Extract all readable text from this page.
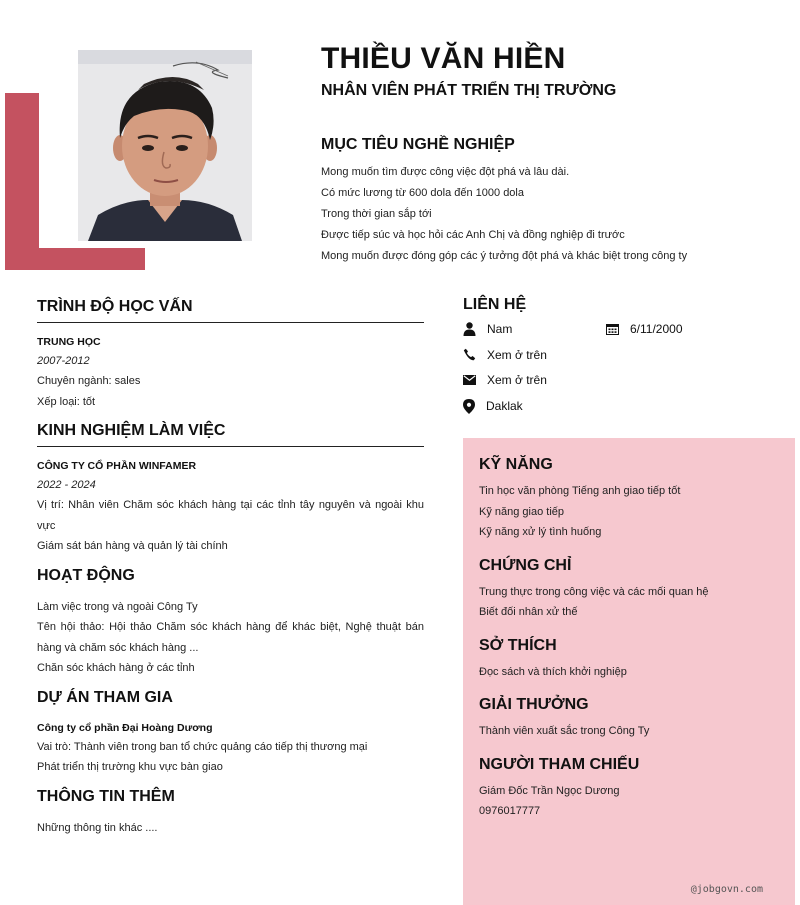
THIỀU VĂN HIỀN
NHÂN VIÊN PHÁT TRIỂN THỊ TRƯỜNG
MỤC TIÊU NGHỀ NGHIỆP
Mong muốn tìm được công việc đột phá và lâu dài.
Có mức lương từ 600 dola đến 1000 dola
Trong thời gian sắp tới
Được tiếp súc và học hỏi các Anh Chị và đồng nghiệp đi trước
Mong muốn được đóng góp các ý tưởng đột phá và khác biệt trong công ty
TRÌNH ĐỘ HỌC VẤN
TRUNG HỌC
2007-2012
Chuyên ngành: sales
Xếp loại: tốt
KINH NGHIỆM LÀM VIỆC
CÔNG TY CỔ PHẦN WINFAMER
2022 - 2024
Vị trí: Nhân viên Chăm sóc khách hàng tại các tỉnh tây nguyên và ngoài khu vực
Giám sát bán hàng và quản lý tài chính
HOẠT ĐỘNG
Làm việc trong và ngoài Công Ty
Tên hội thảo: Hội thảo Chăm sóc khách hàng để khác biệt, Nghệ thuật bán hàng và chăm sóc khách hàng ...
Chăn sóc khách hàng ở các tỉnh
DỰ ÁN THAM GIA
Công ty cổ phần Đại Hoàng Dương
Vai trò: Thành viên trong ban tổ chức quảng cáo tiếp thị thương mại
Phát triển thị trường khu vực bàn giao
THÔNG TIN THÊM
Những thông tin khác ....
LIÊN HỆ
Nam	6/11/2000
Xem ở trên
Xem ở trên
Daklak
KỸ NĂNG
Tin học văn phòng Tiếng anh giao tiếp tốt
Kỹ năng giao tiếp
Kỹ năng xử lý tình huống
CHỨNG CHỈ
Trung thực trong công việc và các mối quan hệ
Biết đối nhân xử thế
SỞ THÍCH
Đọc sách và thích khởi nghiệp
GIẢI THƯỞNG
Thành viên xuất sắc trong Công Ty
NGƯỜI THAM CHIẾU
Giám Đốc Trần Ngọc Dương
0976017777
@jobgovn.com
